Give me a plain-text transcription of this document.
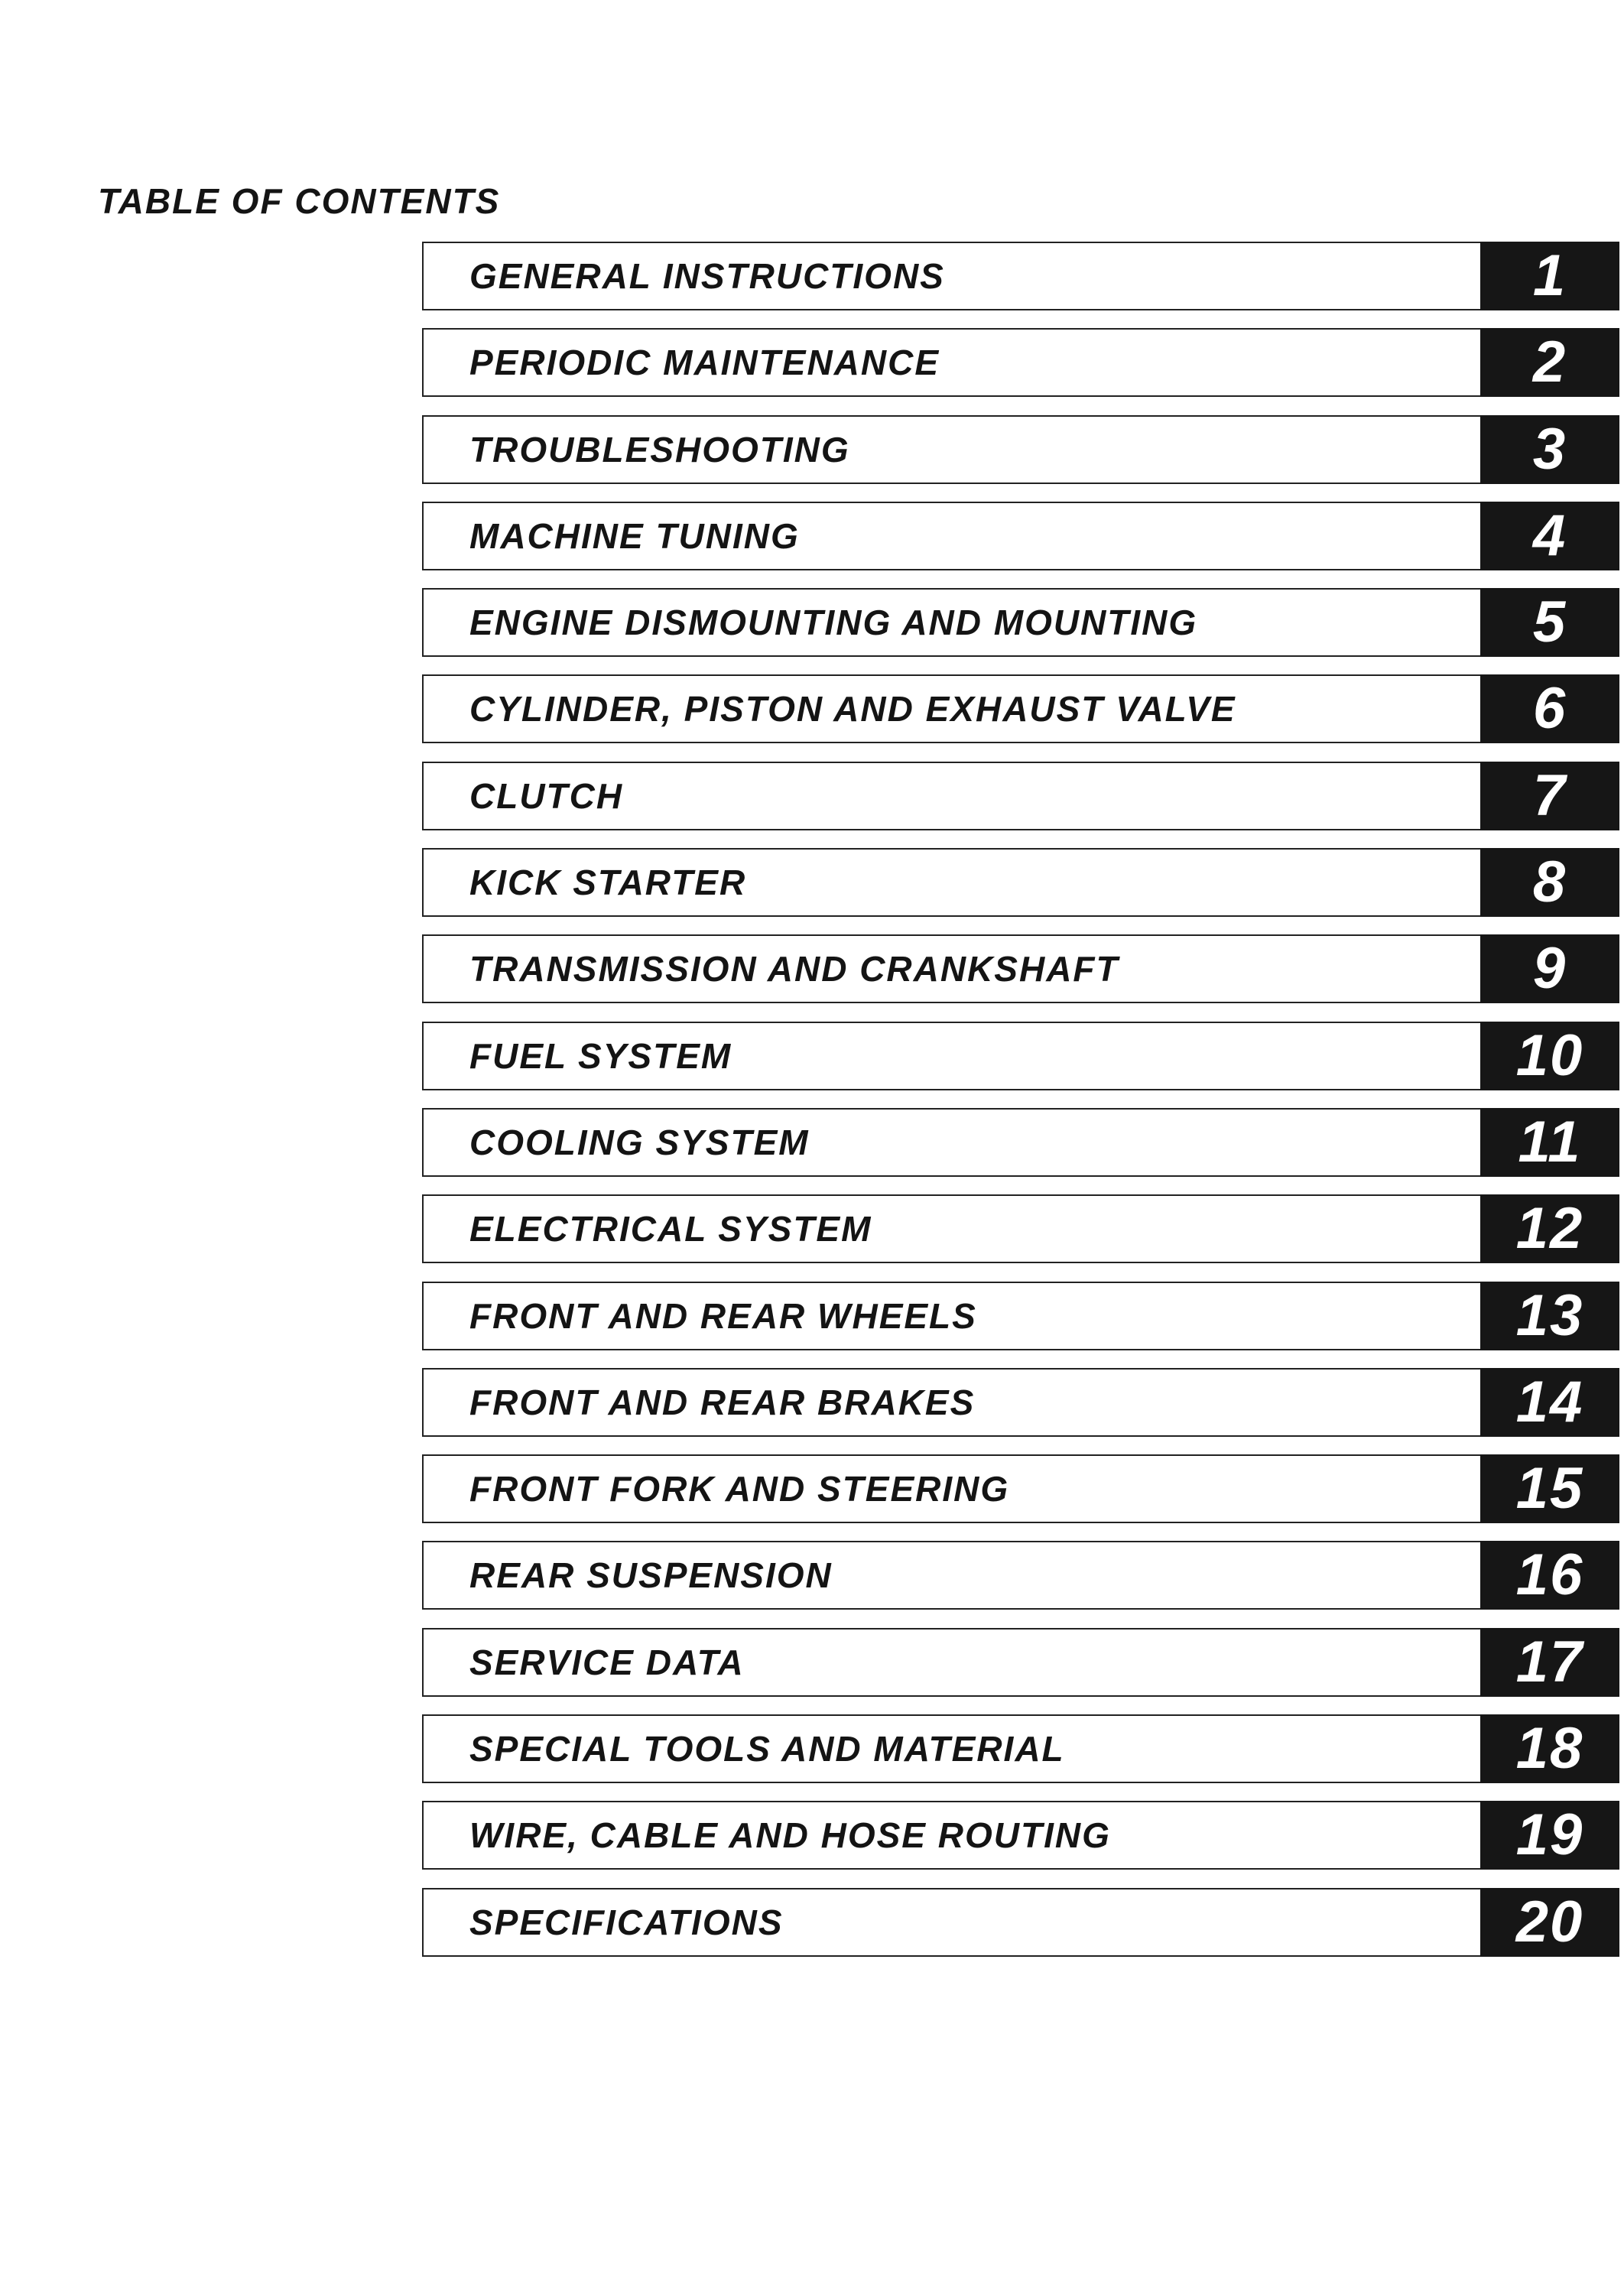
TABLE OF CONTENTS
GENERAL INSTRUCTIONS	1
PERIODIC MAINTENANCE	2
TROUBLESHOOTING	3
MACHINE TUNING	4
ENGINE DISMOUNTING AND MOUNTING	5
CYLINDER, PISTON AND EXHAUST VALVE	6
CLUTCH	7
KICK STARTER	8
TRANSMISSION AND CRANKSHAFT	9
FUEL SYSTEM	10
COOLING SYSTEM	11
ELECTRICAL SYSTEM	12
FRONT AND REAR WHEELS	13
FRONT AND REAR BRAKES	14
FRONT FORK AND STEERING	15
REAR SUSPENSION	16
SERVICE DATA	17
SPECIAL TOOLS AND MATERIAL	18
WIRE, CABLE AND HOSE ROUTING	19
SPECIFICATIONS	20
